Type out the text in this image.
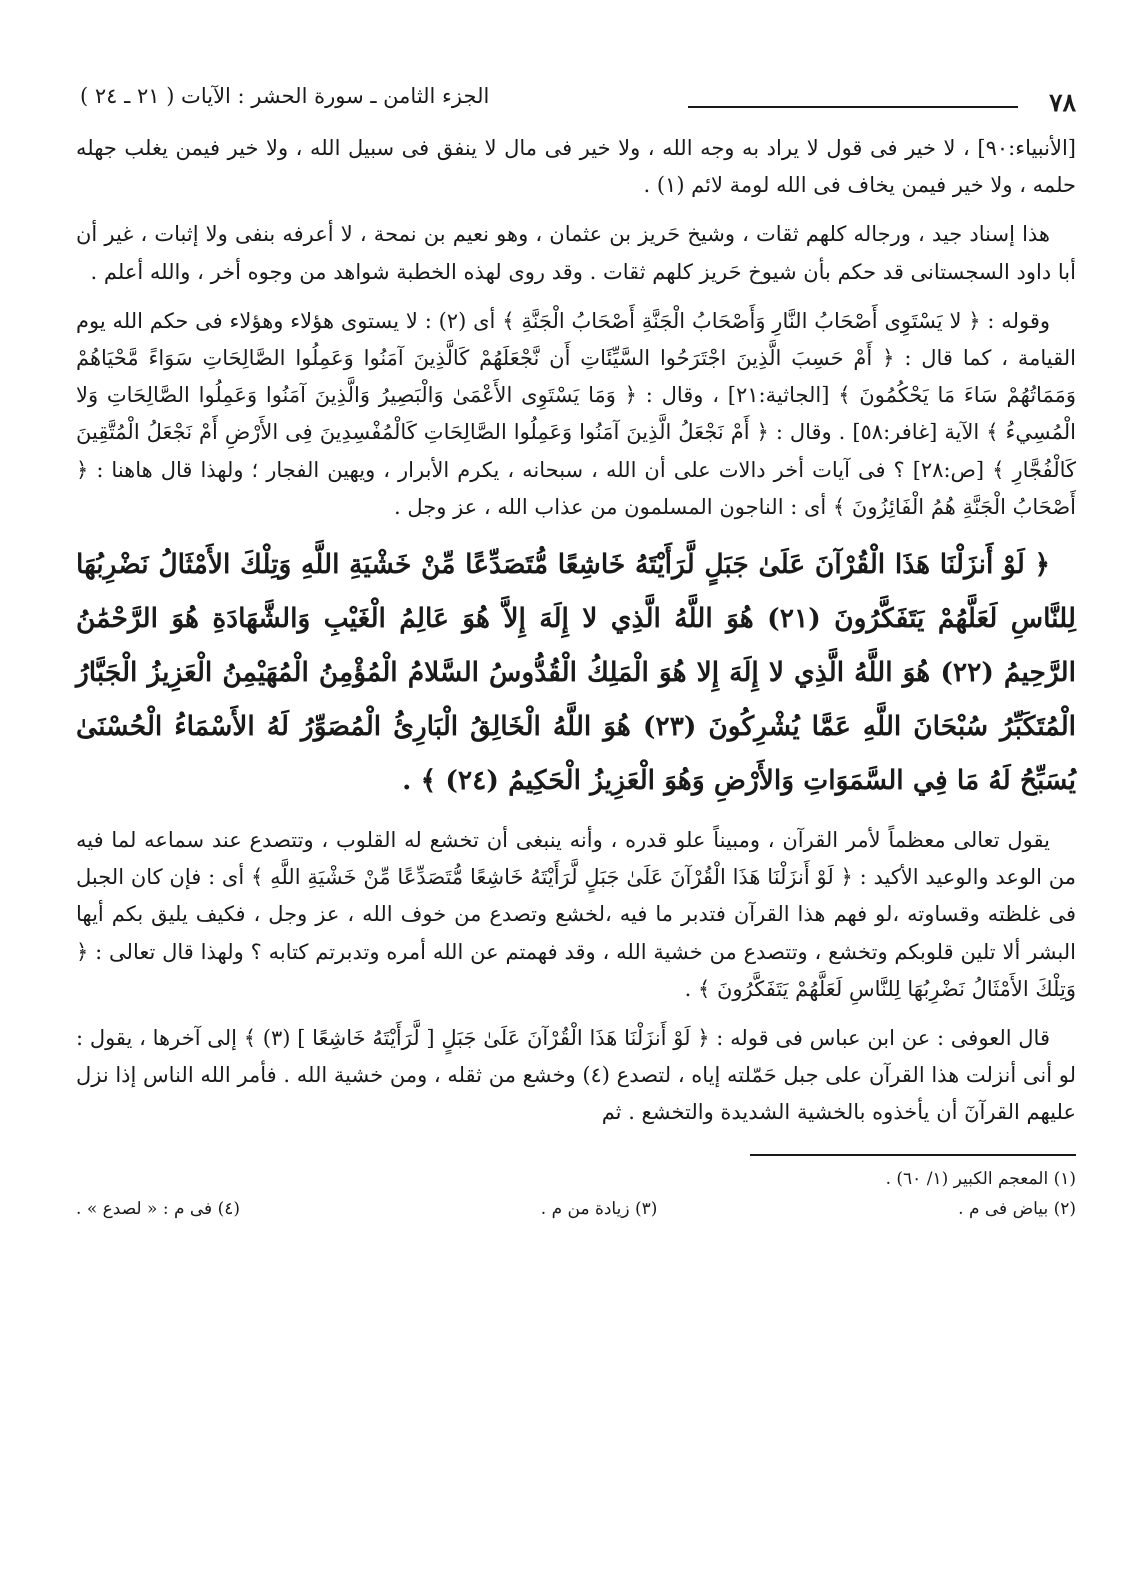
٧٨
الجزء الثامن ـ سورة الحشر : الآيات ( ٢١ ـ ٢٤ )

[الأنبياء:٩٠] ، لا خير فى قول لا يراد به وجه الله ، ولا خير فى مال لا ينفق فى سبيل الله ، ولا خير فيمن يغلب جهله حلمه ، ولا خير فيمن يخاف فى الله لومة لائم (١) .

هذا إسناد جيد ، ورجاله كلهم ثقات ، وشيخ حَريز بن عثمان ، وهو نعيم بن نمحة ، لا أعرفه بنفى ولا إثبات ، غير أن أبا داود السجستانى قد حكم بأن شيوخ حَريز كلهم ثقات . وقد روى لهذه الخطبة شواهد من وجوه أخر ، والله أعلم .

وقوله : ﴿ لا يَسْتَوِى أَصْحَابُ النَّارِ وَأَصْحَابُ الْجَنَّةِ أَصْحَابُ الْجَنَّةِ ﴾ أى (٢) : لا يستوى هؤلاء وهؤلاء فى حكم الله يوم القيامة ، كما قال : ﴿ أَمْ حَسِبَ الَّذِينَ اجْتَرَحُوا السَّيِّئَاتِ أَن نَّجْعَلَهُمْ كَالَّذِينَ آمَنُوا وَعَمِلُوا الصَّالِحَاتِ سَوَاءً مَّحْيَاهُمْ وَمَمَاتُهُمْ سَاءَ مَا يَحْكُمُونَ ﴾ [الجاثية:٢١] ، وقال : ﴿ وَمَا يَسْتَوِى الأَعْمَىٰ وَالْبَصِيرُ وَالَّذِينَ آمَنُوا وَعَمِلُوا الصَّالِحَاتِ وَلا الْمُسِيءُ ﴾ الآية [غافر:٥٨] . وقال : ﴿ أَمْ نَجْعَلُ الَّذِينَ آمَنُوا وَعَمِلُوا الصَّالِحَاتِ كَالْمُفْسِدِينَ فِى الأَرْضِ أَمْ نَجْعَلُ الْمُتَّقِينَ كَالْفُجَّارِ ﴾ [ص:٢٨] ؟ فى آيات أخر دالات على أن الله ، سبحانه ، يكرم الأبرار ، ويهين الفجار ؛ ولهذا قال هاهنا : ﴿ أَصْحَابُ الْجَنَّةِ هُمُ الْفَائِزُونَ ﴾ أى : الناجون المسلمون من عذاب الله ، عز وجل .

﴿ لَوْ أَنزَلْنَا هَذَا الْقُرْآنَ عَلَىٰ جَبَلٍ لَّرَأَيْتَهُ خَاشِعًا مُّتَصَدِّعًا مِّنْ خَشْيَةِ اللَّهِ وَتِلْكَ الأَمْثَالُ نَضْرِبُهَا لِلنَّاسِ لَعَلَّهُمْ يَتَفَكَّرُونَ (٢١) هُوَ اللَّهُ الَّذِي لا إِلَهَ إِلاَّ هُوَ عَالِمُ الْغَيْبِ وَالشَّهَادَةِ هُوَ الرَّحْمَٰنُ الرَّحِيمُ (٢٢) هُوَ اللَّهُ الَّذِي لا إِلَهَ إِلا هُوَ الْمَلِكُ الْقُدُّوسُ السَّلامُ الْمُؤْمِنُ الْمُهَيْمِنُ الْعَزِيزُ الْجَبَّارُ الْمُتَكَبِّرُ سُبْحَانَ اللَّهِ عَمَّا يُشْرِكُونَ (٢٣) هُوَ اللَّهُ الْخَالِقُ الْبَارِئُ الْمُصَوِّرُ لَهُ الأَسْمَاءُ الْحُسْنَىٰ يُسَبِّحُ لَهُ مَا فِي السَّمَوَاتِ وَالأَرْضِ وَهُوَ الْعَزِيزُ الْحَكِيمُ (٢٤) ﴾ .

يقول تعالى معظماً لأمر القرآن ، ومبيناً علو قدره ، وأنه ينبغى أن تخشع له القلوب ، وتتصدع عند سماعه لما فيه من الوعد والوعيد الأكيد : ﴿ لَوْ أَنزَلْنَا هَذَا الْقُرْآنَ عَلَىٰ جَبَلٍ لَّرَأَيْتَهُ خَاشِعًا مُّتَصَدِّعًا مِّنْ خَشْيَةِ اللَّهِ ﴾ أى : فإن كان الجبل فى غلظته وقساوته ،لو فهم هذا القرآن فتدبر ما فيه ،لخشع وتصدع من خوف الله ، عز وجل ، فكيف يليق بكم أيها البشر ألا تلين قلوبكم وتخشع ، وتتصدع من خشية الله ، وقد فهمتم عن الله أمره وتدبرتم كتابه ؟ ولهذا قال تعالى : ﴿ وَتِلْكَ الأَمْثَالُ نَضْرِبُهَا لِلنَّاسِ لَعَلَّهُمْ يَتَفَكَّرُونَ ﴾ .

قال العوفى : عن ابن عباس فى قوله : ﴿ لَوْ أَنزَلْنَا هَذَا الْقُرْآنَ عَلَىٰ جَبَلٍ [ لَّرَأَيْتَهُ خَاشِعًا ] (٣) ﴾ إلى آخرها ، يقول : لو أنى أنزلت هذا القرآن على جبل حَمّلته إياه ، لتصدع (٤) وخشع من ثقله ، ومن خشية الله . فأمر الله الناس إذا نزل عليهم القرآنٓ أن يأخذوه بالخشية الشديدة والتخشع . ثم

(١) المعجم الكبير (١/ ٦٠) .
(٢) بياض فى م .
(٣) زيادة من م .
(٤) فى م : « لصدع » .
